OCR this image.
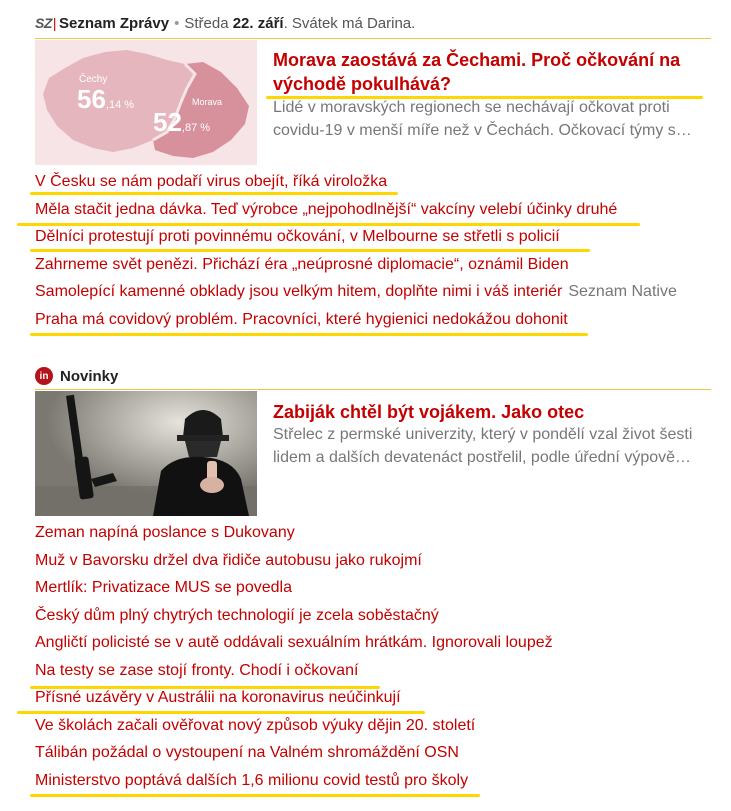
SZ| Seznam Zprávy • Středa 22. září. Svátek má Darina.
Čechy
56,14 %	Morava
52,87 %
Morava zaostává za Čechami. Proč očkování na
východě pokulhává?
Lidé v moravských regionech se nechávají očkovat proti
covidu-19 v menší míře než v Čechách. Očkovací týmy s…
V Česku se nám podaří virus obejít, říká viroložka
Měla stačit jedna dávka. Teď výrobce „nejpohodlnější“ vakcíny velebí účinky druhé
Dělníci protestují proti povinnému očkování, v Melbourne se střetli s policií
Zahrneme svět penězi. Přichází éra „neúprosné diplomacie“, oznámil Biden
Samolepící kamenné obklady jsou velkým hitem, doplňte nimi i váš interiér Seznam Native
Praha má covidový problém. Pracovníci, které hygienici nedokážou dohonit
in Novinky
Zabiják chtěl být vojákem. Jako otec
Střelec z permské univerzity, který v pondělí vzal život šesti
lidem a dalších devatenáct postřelil, podle úřední výpově…
Zeman napíná poslance s Dukovany
Muž v Bavorsku držel dva řidiče autobusu jako rukojmí
Mertlík: Privatizace MUS se povedla
Český dům plný chytrých technologií je zcela soběstačný
Angličtí policisté se v autě oddávali sexuálním hrátkám. Ignorovali loupež
Na testy se zase stojí fronty. Chodí i očkovaní
Přísné uzávěry v Austrálii na koronavirus neúčinkují
Ve školách začali ověřovat nový způsob výuky dějin 20. století
Tálibán požádal o vystoupení na Valném shromáždění OSN
Ministerstvo poptává dalších 1,6 milionu covid testů pro školy
